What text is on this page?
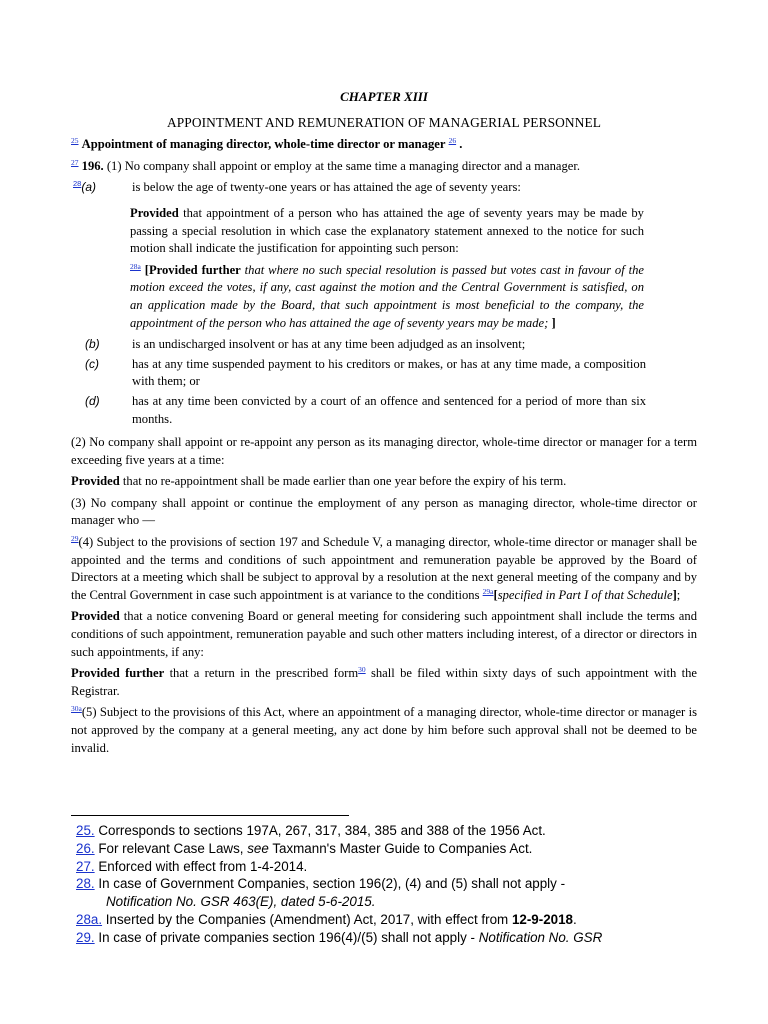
CHAPTER XIII
APPOINTMENT AND REMUNERATION OF MANAGERIAL PERSONNEL

$^{25}$ Appointment of managing director, whole-time director or manager $^{26}$ .

$^{27}$ 196. (1) No company shall appoint or employ at the same time a managing director and a manager.

$^{28}$(a)	is below the age of twenty-one years or has attained the age of seventy years:

Provided that appointment of a person who has attained the age of seventy years may be made by passing a special resolution in which case the explanatory statement annexed to the notice for such motion shall indicate the justification for appointing such person:

$^{28a}$ [Provided further that where no such special resolution is passed but votes cast in favour of the motion exceed the votes, if any, cast against the motion and the Central Government is satisfied, on an application made by the Board, that such appointment is most beneficial to the company, the appointment of the person who has attained the age of seventy years may be made; ]

(b)	is an undischarged insolvent or has at any time been adjudged as an insolvent;
(c)	has at any time suspended payment to his creditors or makes, or has at any time made, a composition with them; or
(d)	has at any time been convicted by a court of an offence and sentenced for a period of more than six months.

(2) No company shall appoint or re-appoint any person as its managing director, whole-time director or manager for a term exceeding five years at a time:

Provided that no re-appointment shall be made earlier than one year before the expiry of his term.

(3) No company shall appoint or continue the employment of any person as managing director, whole-time director or manager who —

$^{29}$(4) Subject to the provisions of section 197 and Schedule V, a managing director, whole-time director or manager shall be appointed and the terms and conditions of such appointment and remuneration payable be approved by the Board of Directors at a meeting which shall be subject to approval by a resolution at the next general meeting of the company and by the Central Government in case such appointment is at variance to the conditions $^{29a}$[specified in Part I of that Schedule];

Provided that a notice convening Board or general meeting for considering such appointment shall include the terms and conditions of such appointment, remuneration payable and such other matters including interest, of a director or directors in such appointments, if any:

Provided further that a return in the prescribed form$^{30}$ shall be filed within sixty days of such appointment with the Registrar.

$^{30a}$(5) Subject to the provisions of this Act, where an appointment of a managing director, whole-time director or manager is not approved by the company at a general meeting, any act done by him before such approval shall not be deemed to be invalid.

25. Corresponds to sections 197A, 267, 317, 384, 385 and 388 of the 1956 Act.
26. For relevant Case Laws, see Taxmann's Master Guide to Companies Act.
27. Enforced with effect from 1-4-2014.
28. In case of Government Companies, section 196(2), (4) and (5) shall not apply -
Notification No. GSR 463(E), dated 5-6-2015.
28a. Inserted by the Companies (Amendment) Act, 2017, with effect from 12-9-2018.
29. In case of private companies section 196(4)/(5) shall not apply - Notification No. GSR
